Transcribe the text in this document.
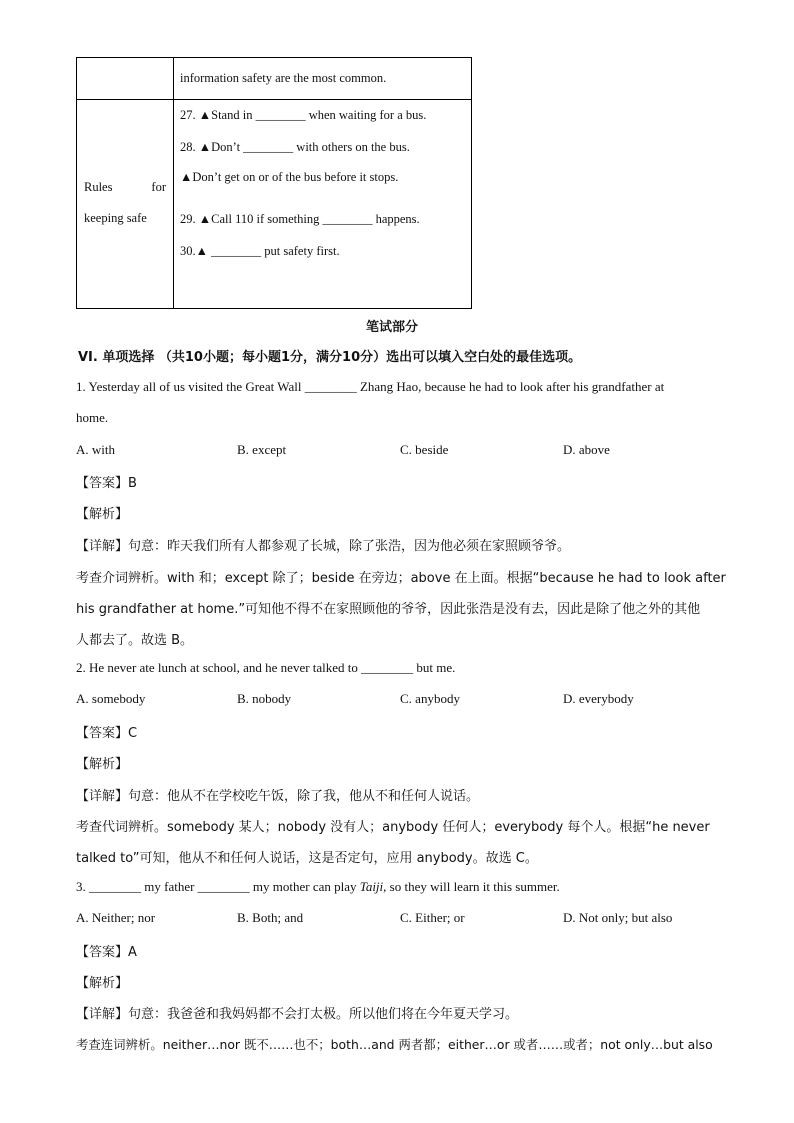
	information safety are the most common.

Rules for keeping safe	27. ▲Stand in ________ when waiting for a bus.
28. ▲Don’t ________ with others on the bus.
▲Don’t get on or of the bus before it stops.
29. ▲Call 110 if something ________ happens.
30.▲ ________ put safety first.
笔试部分
VI. 单项选择 （共10小题；每小题1分，满分10分）选出可以填入空白处的最佳选项。
1. Yesterday all of us visited the Great Wall ________ Zhang Hao, because he had to look after his grandfather at
home.
A. with	B. except	C. beside	D. above
【答案】B
【解析】
【详解】句意：昨天我们所有人都参观了长城，除了张浩，因为他必须在家照顾爷爷。
考查介词辨析。with 和；except 除了；beside 在旁边；above 在上面。根据“because he had to look after
his grandfather at home.”可知他不得不在家照顾他的爷爷，因此张浩是没有去，因此是除了他之外的其他
人都去了。故选 B。
2. He never ate lunch at school, and he never talked to ________ but me.
A. somebody	B. nobody	C. anybody	D. everybody
【答案】C
【解析】
【详解】句意：他从不在学校吃午饭，除了我，他从不和任何人说话。
考查代词辨析。somebody 某人；nobody 没有人；anybody 任何人；everybody 每个人。根据“he never
talked to”可知，他从不和任何人说话，这是否定句，应用 anybody。故选 C。
3. ________ my father ________ my mother can play Taiji, so they will learn it this summer.
A. Neither; nor	B. Both; and	C. Either; or	D. Not only; but also
【答案】A
【解析】
【详解】句意：我爸爸和我妈妈都不会打太极。所以他们将在今年夏天学习。
考查连词辨析。neither…nor 既不……也不；both…and 两者都；either…or 或者……或者；not only…but also
